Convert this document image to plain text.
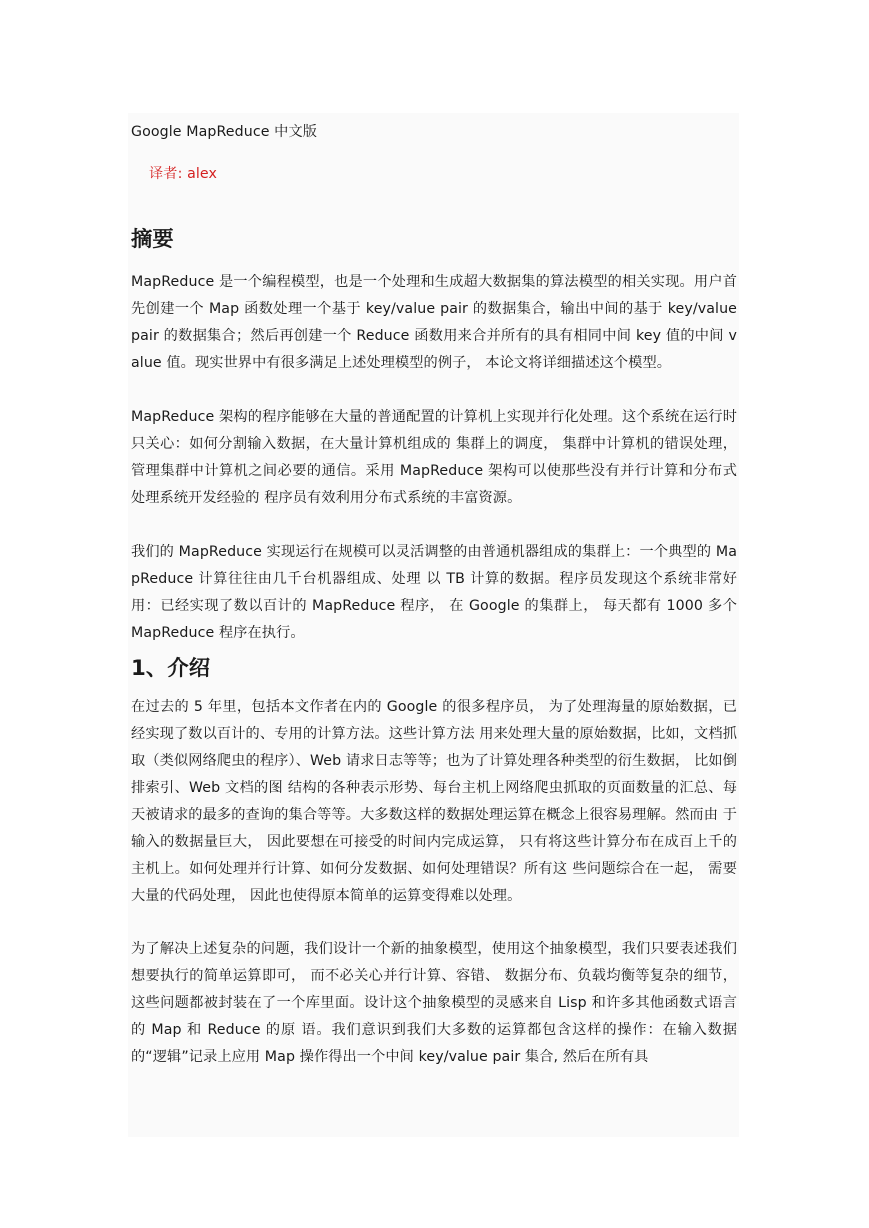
Google MapReduce 中文版

译者: alex

摘要

MapReduce 是一个编程模型，也是一个处理和生成超大数据集的算法模型的相关实现。用户首先创建一个 Map 函数处理一个基于 key/value pair 的数据集合，输出中间的基于 key/value pair 的数据集合；然后再创建一个 Reduce 函数用来合并所有的具有相同中间 key 值的中间 value 值。现实世界中有很多满足上述处理模型的例子， 本论文将详细描述这个模型。

MapReduce 架构的程序能够在大量的普通配置的计算机上实现并行化处理。这个系统在运行时只关心：如何分割输入数据，在大量计算机组成的 集群上的调度， 集群中计算机的错误处理，管理集群中计算机之间必要的通信。采用 MapReduce 架构可以使那些没有并行计算和分布式处理系统开发经验的 程序员有效利用分布式系统的丰富资源。

我们的 MapReduce 实现运行在规模可以灵活调整的由普通机器组成的集群上：一个典型的 MapReduce 计算往往由几千台机器组成、处理 以 TB 计算的数据。程序员发现这个系统非常好用：已经实现了数以百计的 MapReduce 程序， 在 Google 的集群上， 每天都有 1000 多个 MapReduce 程序在执行。

1、介绍

在过去的 5 年里，包括本文作者在内的 Google 的很多程序员， 为了处理海量的原始数据，已经实现了数以百计的、专用的计算方法。这些计算方法 用来处理大量的原始数据，比如，文档抓取（类似网络爬虫的程序）、Web 请求日志等等；也为了计算处理各种类型的衍生数据， 比如倒排索引、Web 文档的图 结构的各种表示形势、每台主机上网络爬虫抓取的页面数量的汇总、每天被请求的最多的查询的集合等等。大多数这样的数据处理运算在概念上很容易理解。然而由 于输入的数据量巨大， 因此要想在可接受的时间内完成运算， 只有将这些计算分布在成百上千的主机上。如何处理并行计算、如何分发数据、如何处理错误？所有这 些问题综合在一起， 需要大量的代码处理， 因此也使得原本简单的运算变得难以处理。

为了解决上述复杂的问题，我们设计一个新的抽象模型，使用这个抽象模型，我们只要表述我们想要执行的简单运算即可， 而不必关心并行计算、容错、 数据分布、负载均衡等复杂的细节， 这些问题都被封装在了一个库里面。设计这个抽象模型的灵感来自 Lisp 和许多其他函数式语言的 Map 和 Reduce 的原 语。我们意识到我们大多数的运算都包含这样的操作：在输入数据的“逻辑”记录上应用 Map 操作得出一个中间 key/value pair 集合, 然后在所有具
